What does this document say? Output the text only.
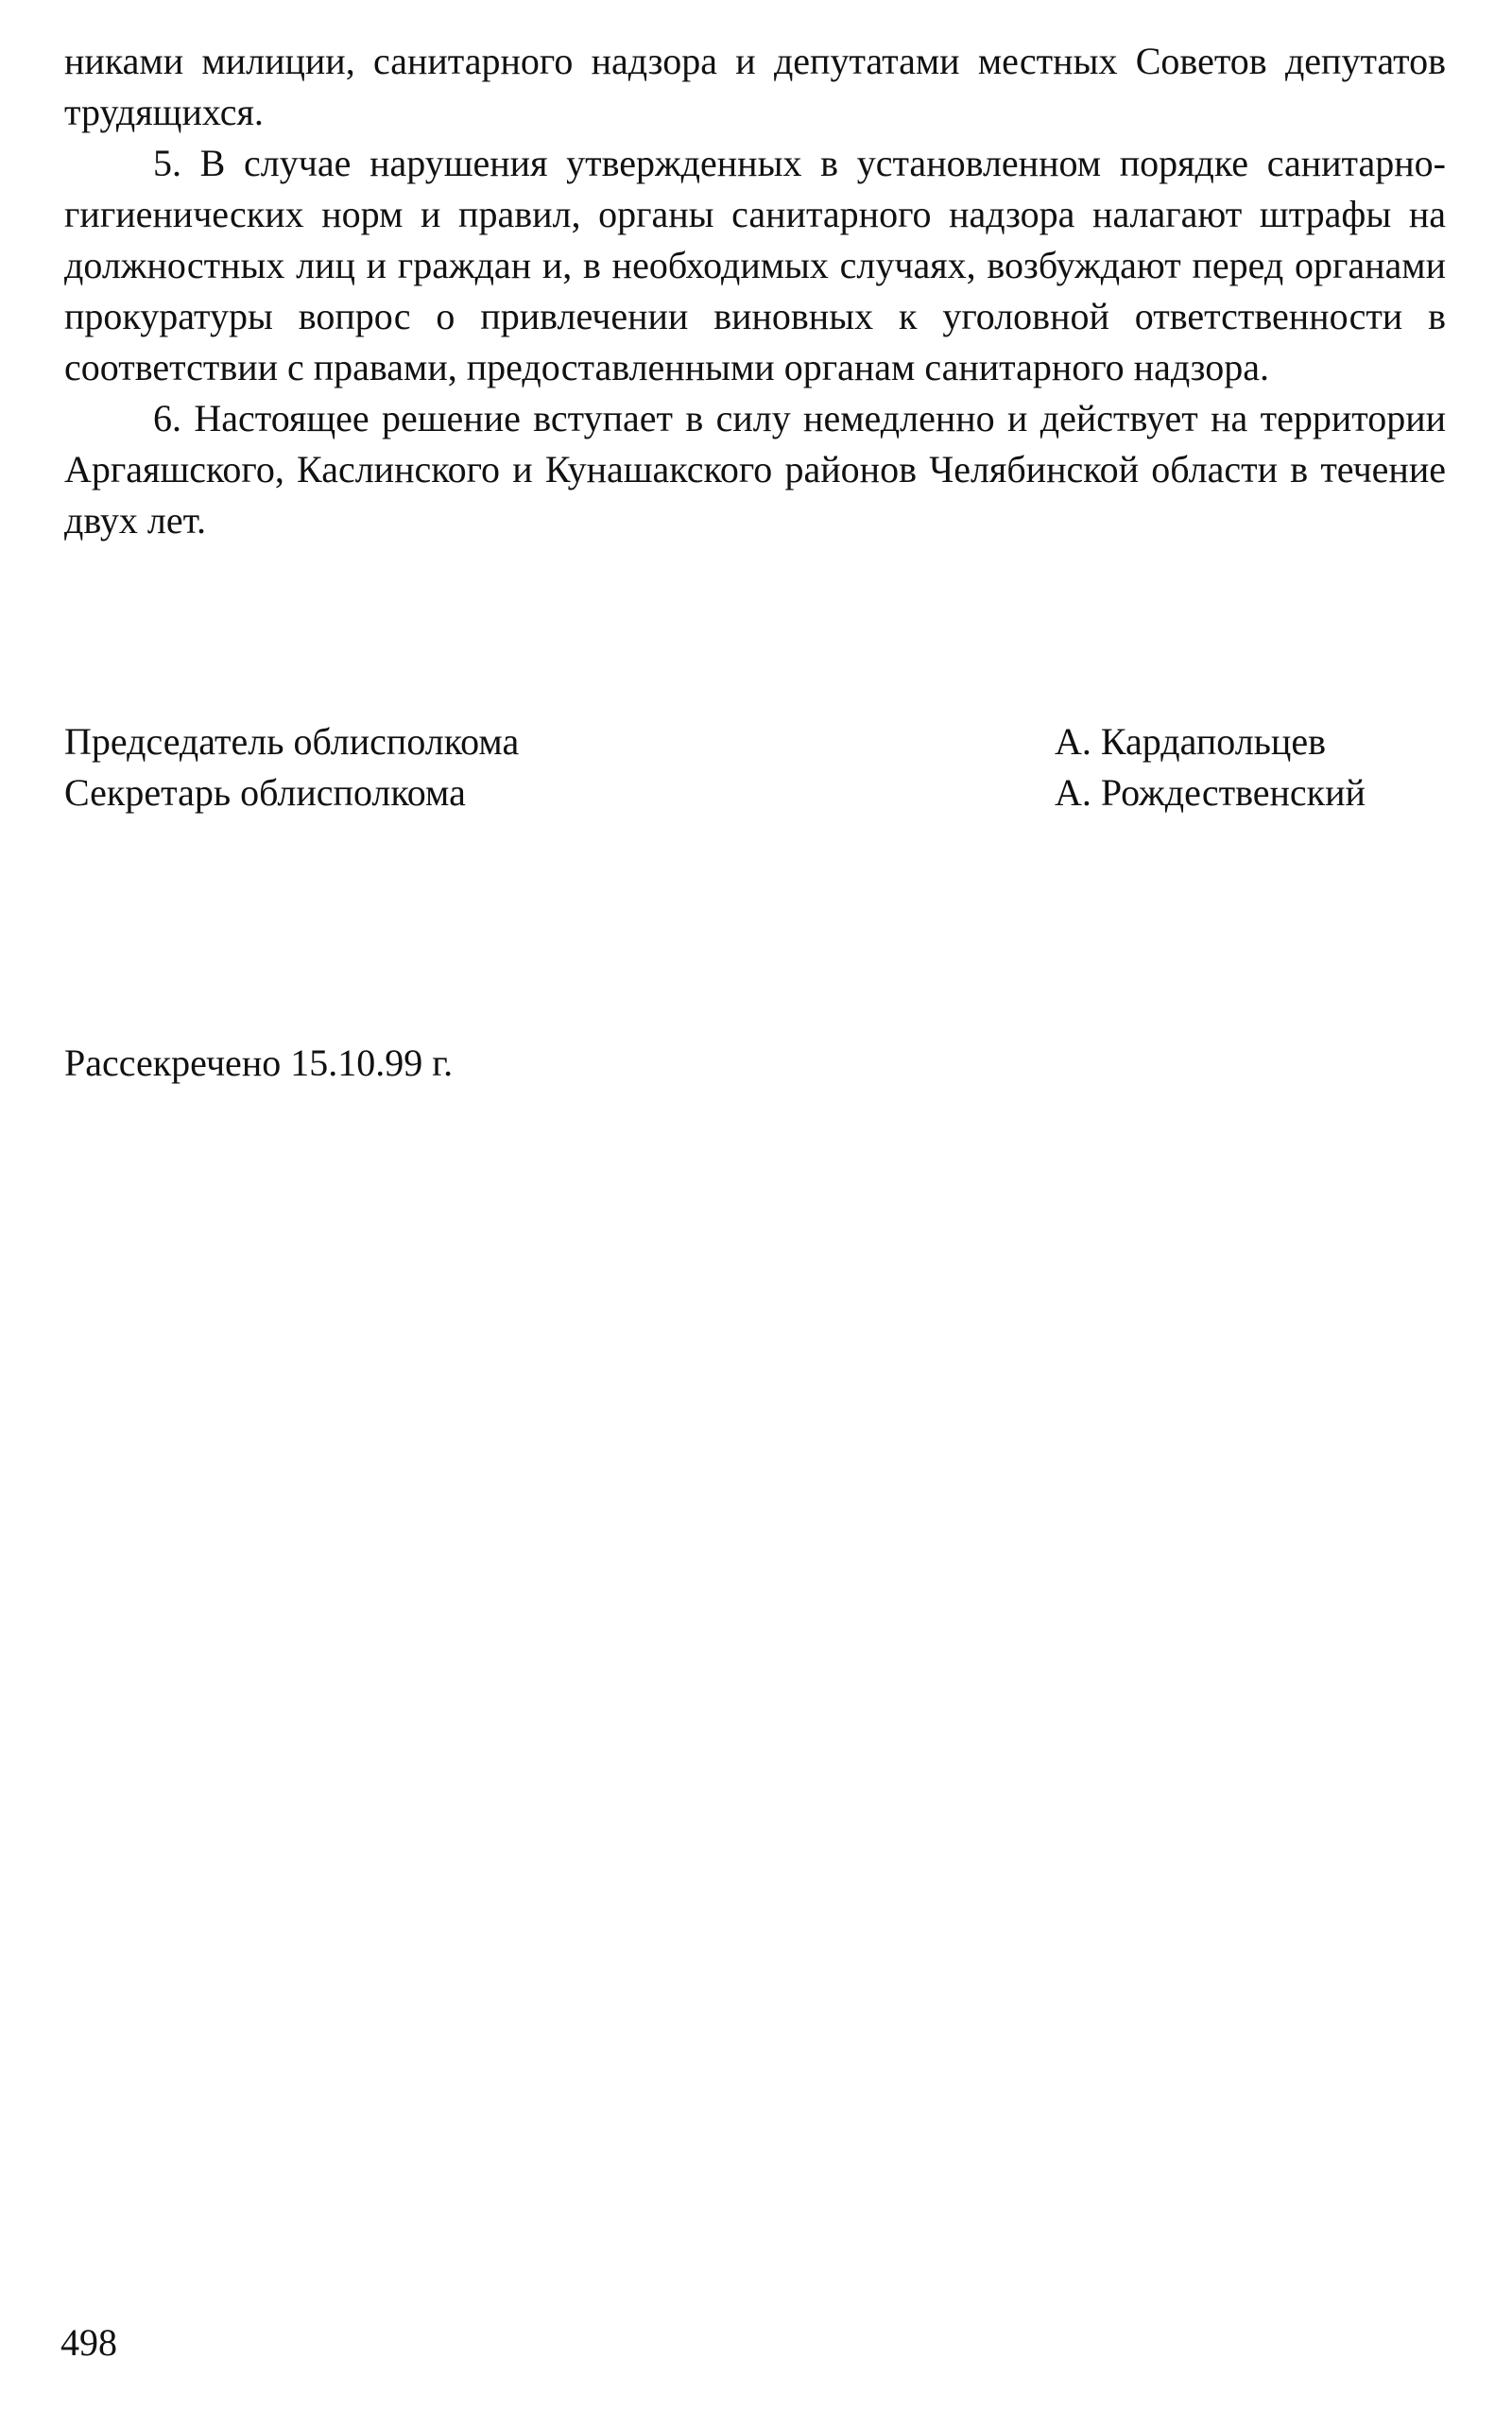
никами милиции, санитарного надзора и депутатами местных Советов депутатов трудящихся.

5. В случае нарушения утвержденных в установленном порядке санитарно-гигиенических норм и правил, органы санитарного надзора налагают штрафы на должностных лиц и граждан и, в необходимых случаях, возбуждают перед органами прокуратуры вопрос о привлечении виновных к уголовной ответственности в соответствии с правами, предоставленными органам санитарного надзора.

6. Настоящее решение вступает в силу немедленно и действует на территории Аргаяшского, Каслинского и Кунашакского районов Челябинской области в течение двух лет.

Председатель облисполкома	А. Кардапольцев
Секретарь облисполкома	А. Рождественский
Рассекречено 15.10.99 г.
498
